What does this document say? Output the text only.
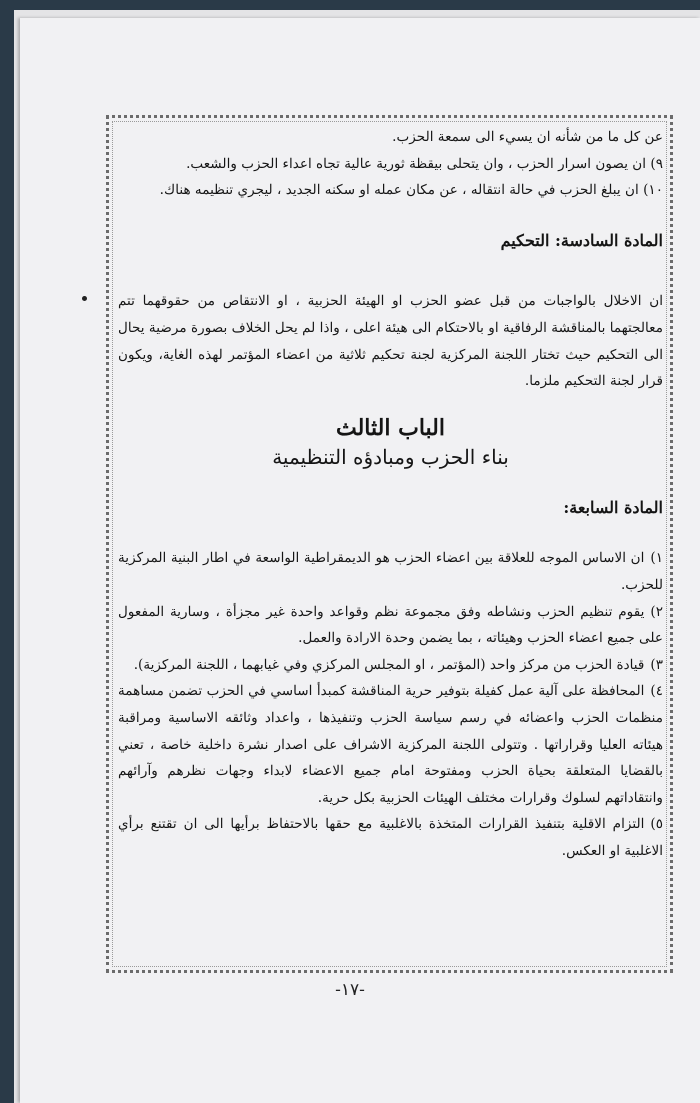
عن كل ما من شأنه ان يسيء الى سمعة الحزب.

٩) ان يصون اسرار الحزب ، وان يتحلى بيقظة ثورية عالية تجاه اعداء الحزب والشعب.

١٠) ان يبلغ الحزب في حالة انتقاله ، عن مكان عمله او سكنه الجديد ، ليجري تنظيمه هناك.

المادة السادسة: التحكيم

ان الاخلال بالواجبات من قبل عضو الحزب او الهيئة الحزبية ، او الانتقاص من حقوقهما تتم معالجتهما بالمناقشة الرفاقية او بالاحتكام الى هيئة اعلى ، واذا لم يحل الخلاف بصورة مرضية يحال الى التحكيم حيث تختار اللجنة المركزية لجنة تحكيم ثلاثية من اعضاء المؤتمر لهذه الغاية، ويكون قرار لجنة التحكيم ملزما.

الباب الثالث

بناء الحزب ومبادؤه التنظيمية

المادة السابعة:

١)ان الاساس الموجه للعلاقة بين اعضاء الحزب هو الديمقراطية الواسعة في اطار البنية المركزية للحزب.

٢)يقوم تنظيم الحزب ونشاطه وفق مجموعة نظم وقواعد واحدة غير مجزأة ، وسارية المفعول على جميع اعضاء الحزب وهيئاته ، بما يضمن وحدة الارادة والعمل.

٣)قيادة الحزب من مركز واحد (المؤتمر ، او المجلس المركزي وفي غيابهما ، اللجنة المركزية).

٤)المحافظة على آلية عمل كفيلة بتوفير حرية المناقشة كمبدأ اساسي في الحزب تضمن مساهمة منظمات الحزب واعضائه في رسم سياسة الحزب وتنفيذها ، واعداد وثائقه الاساسية ومراقبة هيئاته العليا وقراراتها . وتتولى اللجنة المركزية الاشراف على اصدار نشرة داخلية خاصة ، تعني بالقضايا المتعلقة بحياة الحزب ومفتوحة امام جميع الاعضاء لابداء وجهات نظرهم وآرائهم وانتقاداتهم لسلوك وقرارات مختلف الهيئات الحزبية بكل حرية.

٥)التزام الاقلية بتنفيذ القرارات المتخذة بالاغلبية مع حقها بالاحتفاظ برأيها الى ان تقتنع برأي الاغلبية او العكس.

-١٧-
